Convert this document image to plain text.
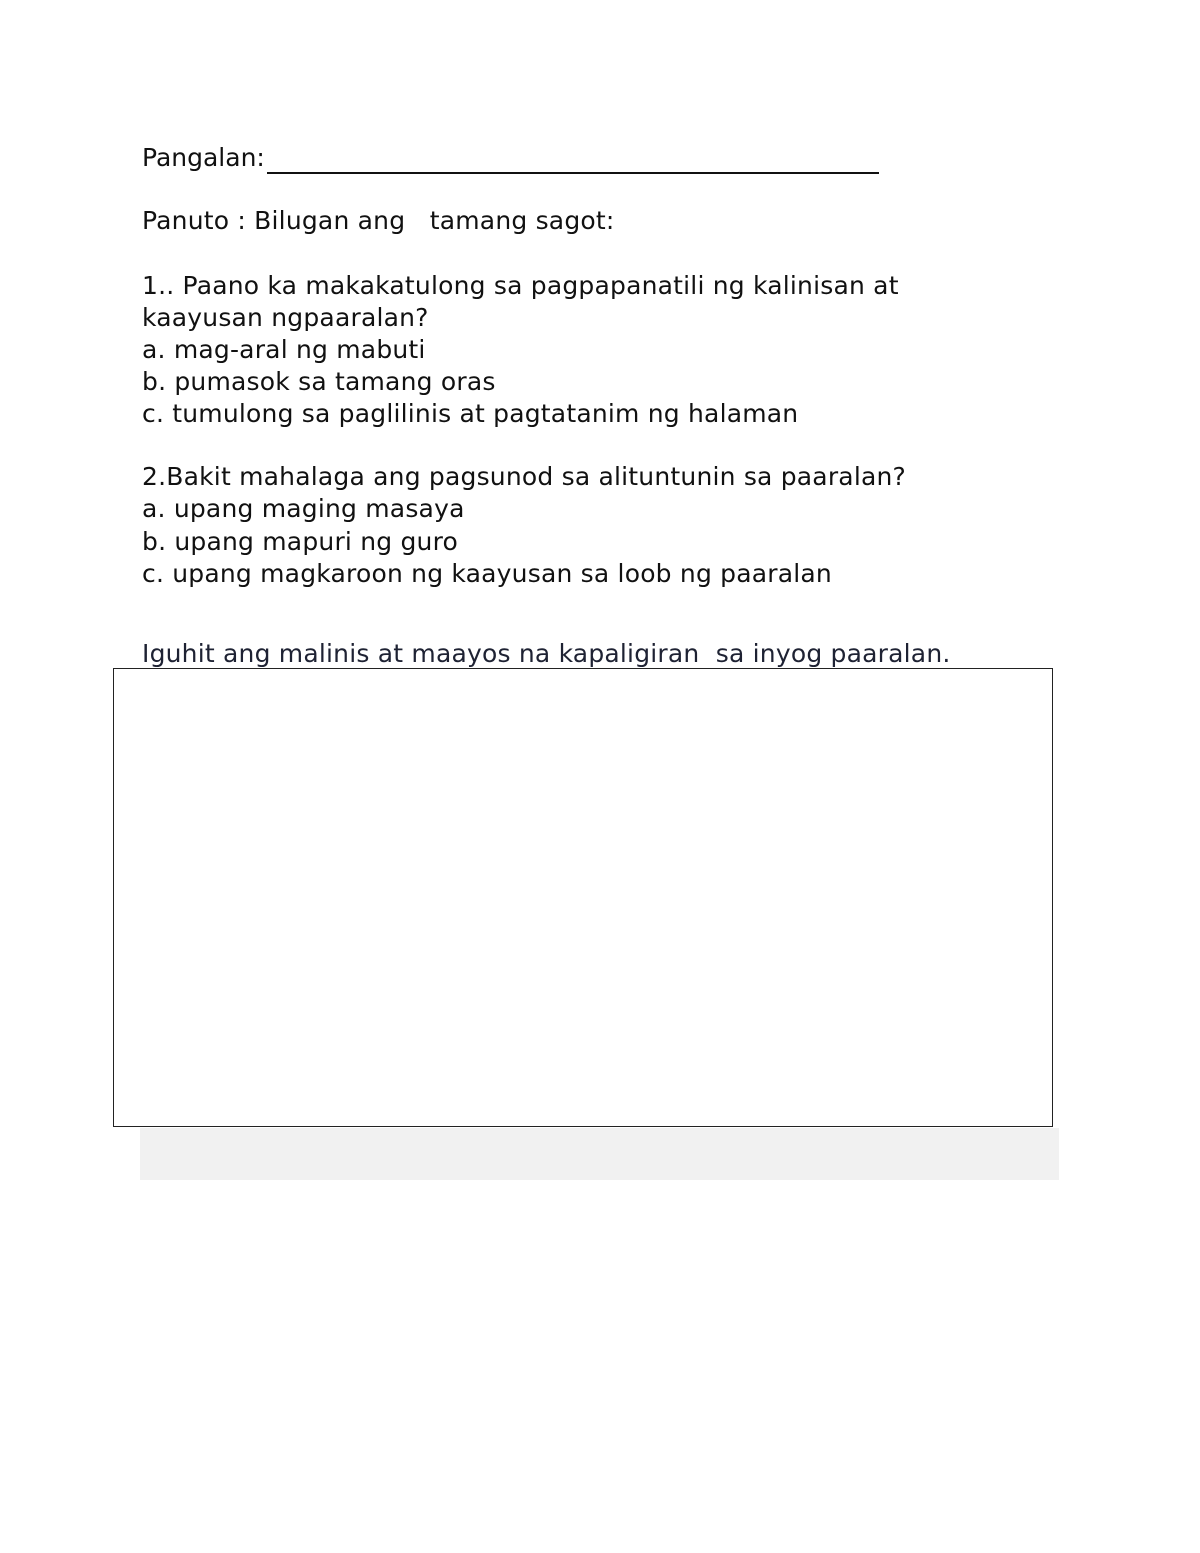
Pangalan:
Panuto : Bilugan ang   tamang sagot:
1.. Paano ka makakatulong sa pagpapanatili ng kalinisan at
kaayusan ngpaaralan?
a. mag-aral ng mabuti
b. pumasok sa tamang oras
c. tumulong sa paglilinis at pagtatanim ng halaman
2.Bakit mahalaga ang pagsunod sa alituntunin sa paaralan?
a. upang maging masaya
b. upang mapuri ng guro
c. upang magkaroon ng kaayusan sa loob ng paaralan
Iguhit ang malinis at maayos na kapaligiran  sa inyog paaralan.
